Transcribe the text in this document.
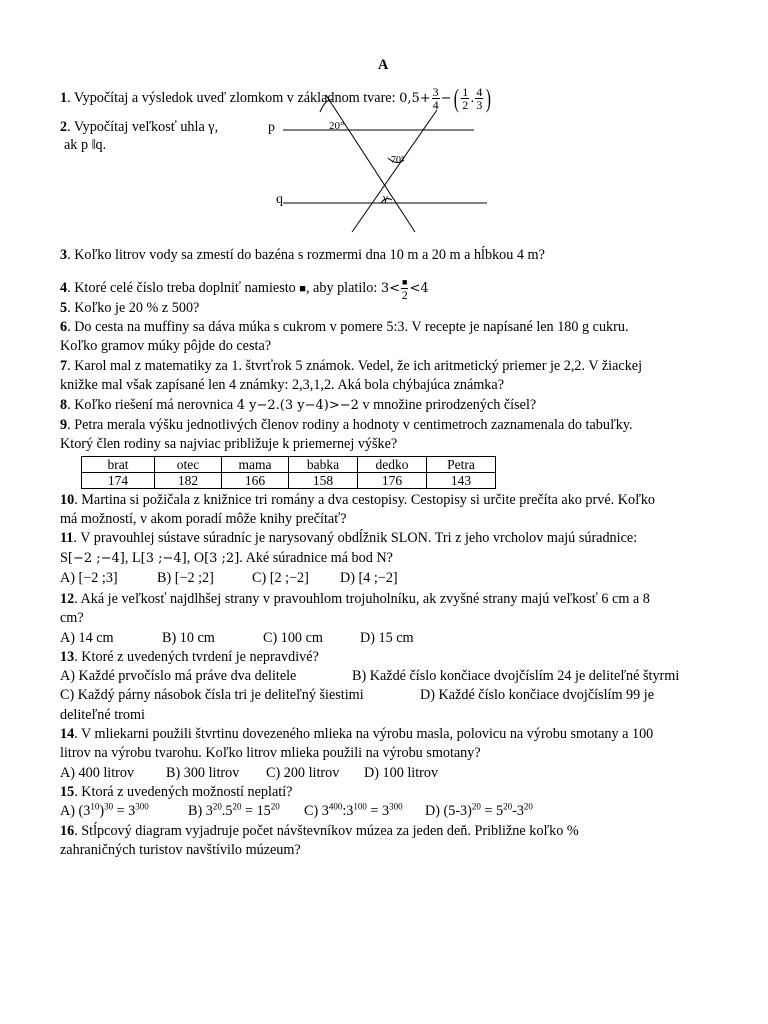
A
1. Vypočítaj a výsledok uveď zlomkom v základnom tvare: $0,5+ \frac{3}{4}$ −( $\frac{1}{2}$ . $\frac{4}{3}$ )
2. Vypočítaj veľkosť uhla γ,
ak p ‖q.
p
q
20°
70°
γ
3. Koľko litrov vody sa zmestí do bazéna s rozmermi dna 10 m a 20 m a hĺbkou 4 m?
4. Ktoré celé číslo treba doplniť namiesto ■, aby platilo: $3< \frac{■}{2} <4$
5. Koľko je 20 % z 500?
6. Do cesta na muffiny sa dáva múka s cukrom v pomere 5:3. V recepte je napísané len 180 g cukru.
Koľko gramov múky pôjde do cesta?
7. Karol mal z matematiky za 1. štvrťrok 5 známok. Vedel, že ich aritmetický priemer je 2,2. V žiackej
knižke mal však zapísané len 4 známky: 2,3,1,2. Aká bola chýbajúca známka?
8. Koľko riešení má nerovnica 4 y−2.(3 y−4)>−2 v množine prirodzených čísel?
9. Petra merala výšku jednotlivých členov rodiny a hodnoty v centimetroch zaznamenala do tabuľky.
Ktorý člen rodiny sa najviac približuje k priemernej výške?
brat	otec	mama	babka	dedko	Petra
174	182	166	158	176	143
10. Martina si požičala z knižnice tri romány a dva cestopisy. Cestopisy si určite prečíta ako prvé. Koľko
má možností, v akom poradí môže knihy prečítať?
11. V pravouhlej sústave súradníc je narysovaný obdĺžnik SLON. Tri z jeho vrcholov majú súradnice:
S[−2 ;−4], L[3 ;−4], O[3 ;2]. Aké súradnice má bod N?
A) [−2 ;3]	B) [−2 ;2]	C) [2 ;−2] D) [4 ;−2]
12. Aká je veľkosť najdlhšej strany v pravouhlom trojuholníku, ak zvyšné strany majú veľkosť 6 cm a 8
cm?
A) 14 cm	B) 10 cm	C) 100 cm	D) 15 cm
13. Ktoré z uvedených tvrdení je nepravdivé?
A) Každé prvočíslo má práve dva delitele	B) Každé číslo končiace dvojčíslím 24 je deliteľné štyrmi
C) Každý párny násobok čísla tri je deliteľný šiestimi	D) Každé číslo končiace dvojčíslím 99 je
deliteľné tromi
14. V mliekarni použili štvrtinu dovezeného mlieka na výrobu masla, polovicu na výrobu smotany a 100
litrov na výrobu tvarohu. Koľko litrov mlieka použili na výrobu smotany?
A) 400 litrov B) 300 litrov C) 200 litrov D) 100 litrov
15. Ktorá z uvedených možností neplatí?
A) $(3^{10})^{30} = 3^{300}$	B) $3^{20}.5^{20} = 15^{20}$ C) $3^{400}:3^{100} = 3^{300}$ D) $(5-3)^{20} = 5^{20}-3^{20}$
16. Stĺpcový diagram vyjadruje počet návštevníkov múzea za jeden deň. Približne koľko %
zahraničných turistov navštívilo múzeum?
